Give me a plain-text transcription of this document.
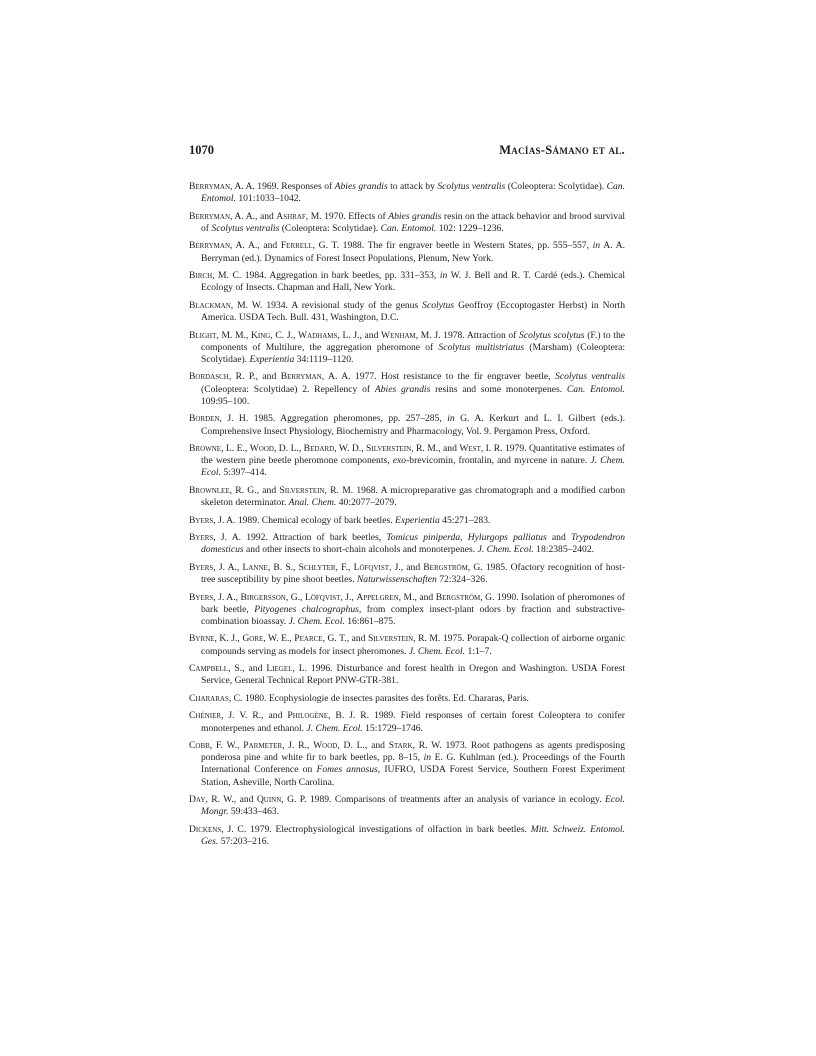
1070	Macías-Sámano et al.
Berryman, A. A. 1969. Responses of Abies grandis to attack by Scolytus ventralis (Coleoptera: Scolytidae). Can. Entomol. 101:1033–1042.
Berryman, A. A., and Ashraf, M. 1970. Effects of Abies grandis resin on the attack behavior and brood survival of Scolytus ventralis (Coleoptera: Scolytidae). Can. Entomol. 102: 1229–1236.
Berryman, A. A., and Ferrell, G. T. 1988. The fir engraver beetle in Western States, pp. 555–557, in A. A. Berryman (ed.). Dynamics of Forest Insect Populations, Plenum, New York.
Birch, M. C. 1984. Aggregation in bark beetles, pp. 331–353, in W. J. Bell and R. T. Cardé (eds.). Chemical Ecology of Insects. Chapman and Hall, New York.
Blackman, M. W. 1934. A revisional study of the genus Scolytus Geoffroy (Eccoptogaster Herbst) in North America. USDA Tech. Bull. 431, Washington, D.C.
Blight, M. M., King, C. J., Wadhams, L. J., and Wenham, M. J. 1978. Attraction of Scolytus scolytus (F.) to the components of Multilure, the aggregation pheromone of Scolytus multistriatus (Marsham) (Coleoptera: Scolytidae). Experientia 34:1119–1120.
Bordasch, R. P., and Berryman, A. A. 1977. Host resistance to the fir engraver beetle, Scolytus ventralis (Coleoptera: Scolytidae) 2. Repellency of Abies grandis resins and some monoterpenes. Can. Entomol. 109:95–100.
Borden, J. H. 1985. Aggregation pheromones, pp. 257–285, in G. A. Kerkurt and L. I. Gilbert (eds.). Comprehensive Insect Physiology, Biochemistry and Pharmacology, Vol. 9. Pergamon Press, Oxford.
Browne, L. E., Wood, D. L., Bedard, W. D., Silverstein, R. M., and West, I. R. 1979. Quantitative estimates of the western pine beetle pheromone components, exo-brevicomin, frontalin, and myrcene in nature. J. Chem. Ecol. 5:397–414.
Brownlee, R. G., and Silverstein, R. M. 1968. A micropreparative gas chromatograph and a modified carbon skeleton determinator. Anal. Chem. 40:2077–2079.
Byers, J. A. 1989. Chemical ecology of bark beetles. Experientia 45:271–283.
Byers, J. A. 1992. Attraction of bark beetles, Tomicus piniperda, Hylurgops palliatus and Trypodendron domesticus and other insects to short-chain alcohols and monoterpenes. J. Chem. Ecol. 18:2385–2402.
Byers, J. A., Lanne, B. S., Schlyter, F., Löfqvist, J., and Bergström, G. 1985. Ofactory recognition of host-tree susceptibility by pine shoot beetles. Naturwissenschaften 72:324–326.
Byers, J. A., Birgersson, G., Löfqvist, J., Appelgren, M., and Bergström, G. 1990. Isolation of pheromones of bark beetle, Pityogenes chalcographus, from complex insect-plant odors by fraction and substractive-combination bioassay. J. Chem. Ecol. 16:861–875.
Byrne, K. J., Gore, W. E., Pearce, G. T., and Silverstein, R. M. 1975. Porapak-Q collection of airborne organic compounds serving as models for insect pheromones. J. Chem. Ecol. 1:1–7.
Campbell, S., and Liegel, L. 1996. Disturbance and forest health in Oregon and Washington. USDA Forest Service, General Technical Report PNW-GTR-381.
Chararas, C. 1980. Ecophysiologie de insectes parasites des forêts. Ed. Chararas, Paris.
Chénier, J. V. R., and Philogène, B. J. R. 1989. Field responses of certain forest Coleoptera to conifer monoterpenes and ethanol. J. Chem. Ecol. 15:1729–1746.
Cobb, F. W., Parmeter, J. R., Wood, D. L., and Stark, R. W. 1973. Root pathogens as agents predisposing ponderosa pine and white fir to bark beetles, pp. 8–15, in E. G. Kuhlman (ed.). Proceedings of the Fourth International Conference on Fomes annosus, IUFRO, USDA Forest Service, Southern Forest Experiment Station, Asheville, North Carolina.
Day, R. W., and Quinn, G. P. 1989. Comparisons of treatments after an analysis of variance in ecology. Ecol. Mongr. 59:433–463.
Dickens, J. C. 1979. Electrophysiological investigations of olfaction in bark beetles. Mitt. Schweiz. Entomol. Ges. 57:203–216.
